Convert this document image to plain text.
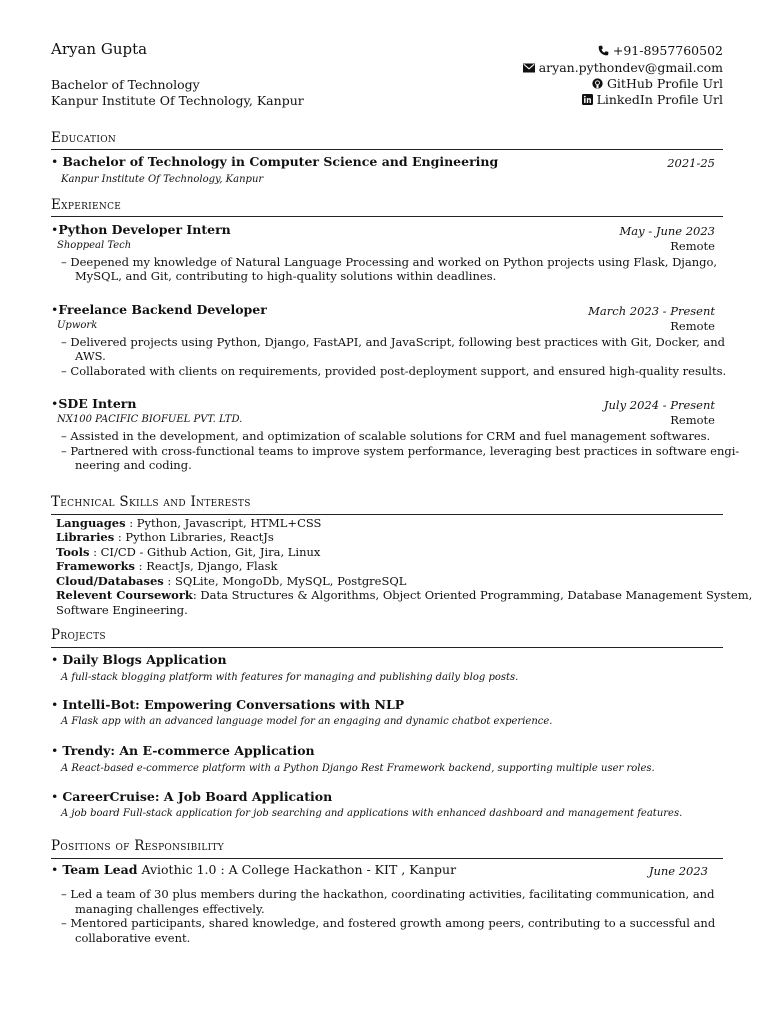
Aryan Gupta
Bachelor of Technology
Kanpur Institute Of Technology, Kanpur
+91-8957760502
aryan.pythondev@gmail.com
GitHub Profile Url
LinkedIn Profile Url
Education
• Bachelor of Technology in Computer Science and Engineering	2021-25
Kanpur Institute Of Technology, Kanpur
Experience
•Python Developer Intern	May - June 2023
Shoppeal Tech	Remote
– Deepened my knowledge of Natural Language Processing and worked on Python projects using Flask, Django,
MySQL, and Git, contributing to high-quality solutions within deadlines.
•Freelance Backend Developer	March 2023 - Present
Upwork	Remote
– Delivered projects using Python, Django, FastAPI, and JavaScript, following best practices with Git, Docker, and
AWS.
– Collaborated with clients on requirements, provided post-deployment support, and ensured high-quality results.
•SDE Intern	July 2024 - Present
NX100 PACIFIC BIOFUEL PVT. LTD.	Remote
– Assisted in the development, and optimization of scalable solutions for CRM and fuel management softwares.
– Partnered with cross-functional teams to improve system performance, leveraging best practices in software engi-
neering and coding.
Technical Skills and Interests
Languages : Python, Javascript, HTML+CSS
Libraries : Python Libraries, ReactJs
Tools : CI/CD - Github Action, Git, Jira, Linux
Frameworks : ReactJs, Django, Flask
Cloud/Databases : SQLite, MongoDb, MySQL, PostgreSQL
Relevent Coursework: Data Structures & Algorithms, Object Oriented Programming, Database Management System,
Software Engineering.
Projects
• Daily Blogs Application
A full-stack blogging platform with features for managing and publishing daily blog posts.
• Intelli-Bot: Empowering Conversations with NLP
A Flask app with an advanced language model for an engaging and dynamic chatbot experience.
• Trendy: An E-commerce Application
A React-based e-commerce platform with a Python Django Rest Framework backend, supporting multiple user roles.
• CareerCruise: A Job Board Application
A job board Full-stack application for job searching and applications with enhanced dashboard and management features.
Positions of Responsibility
• Team Lead Aviothic 1.0 : A College Hackathon - KIT , Kanpur	June 2023
– Led a team of 30 plus members during the hackathon, coordinating activities, facilitating communication, and
managing challenges effectively.
– Mentored participants, shared knowledge, and fostered growth among peers, contributing to a successful and
collaborative event.
